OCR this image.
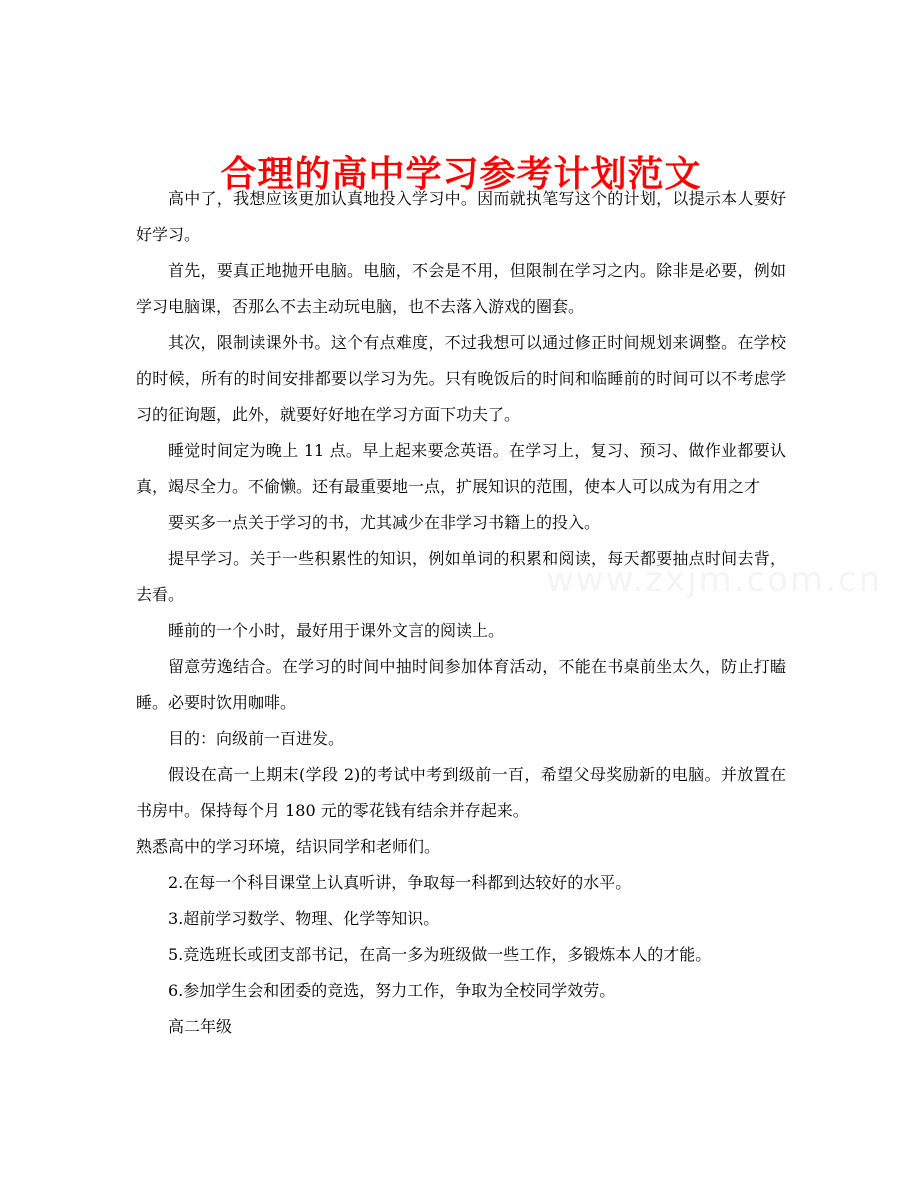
合理的高中学习参考计划范文

高中了，我想应该更加认真地投入学习中。因而就执笔写这个的计划，以提示本人要好好学习。

首先，要真正地抛开电脑。电脑，不会是不用，但限制在学习之内。除非是必要，例如学习电脑课，否那么不去主动玩电脑，也不去落入游戏的圈套。

其次，限制读课外书。这个有点难度，不过我想可以通过修正时间规划来调整。在学校的时候，所有的时间安排都要以学习为先。只有晚饭后的时间和临睡前的时间可以不考虑学习的征询题，此外，就要好好地在学习方面下功夫了。

睡觉时间定为晚上 11 点。早上起来要念英语。在学习上，复习、预习、做作业都要认真，竭尽全力。不偷懒。还有最重要地一点，扩展知识的范围，使本人可以成为有用之才

要买多一点关于学习的书，尤其减少在非学习书籍上的投入。

提早学习。关于一些积累性的知识，例如单词的积累和阅读，每天都要抽点时间去背，去看。

睡前的一个小时，最好用于课外文言的阅读上。

留意劳逸结合。在学习的时间中抽时间参加体育活动，不能在书桌前坐太久，防止打瞌睡。必要时饮用咖啡。

目的：向级前一百进发。

假设在高一上期末(学段 2)的考试中考到级前一百，希望父母奖励新的电脑。并放置在书房中。保持每个月 180 元的零花钱有结余并存起来。

熟悉高中的学习环境，结识同学和老师们。

2.在每一个科目课堂上认真听讲，争取每一科都到达较好的水平。

3.超前学习数学、物理、化学等知识。

5.竞选班长或团支部书记，在高一多为班级做一些工作，多锻炼本人的才能。

6.参加学生会和团委的竞选，努力工作，争取为全校同学效劳。

高二年级

www.zxjm.com.cn
